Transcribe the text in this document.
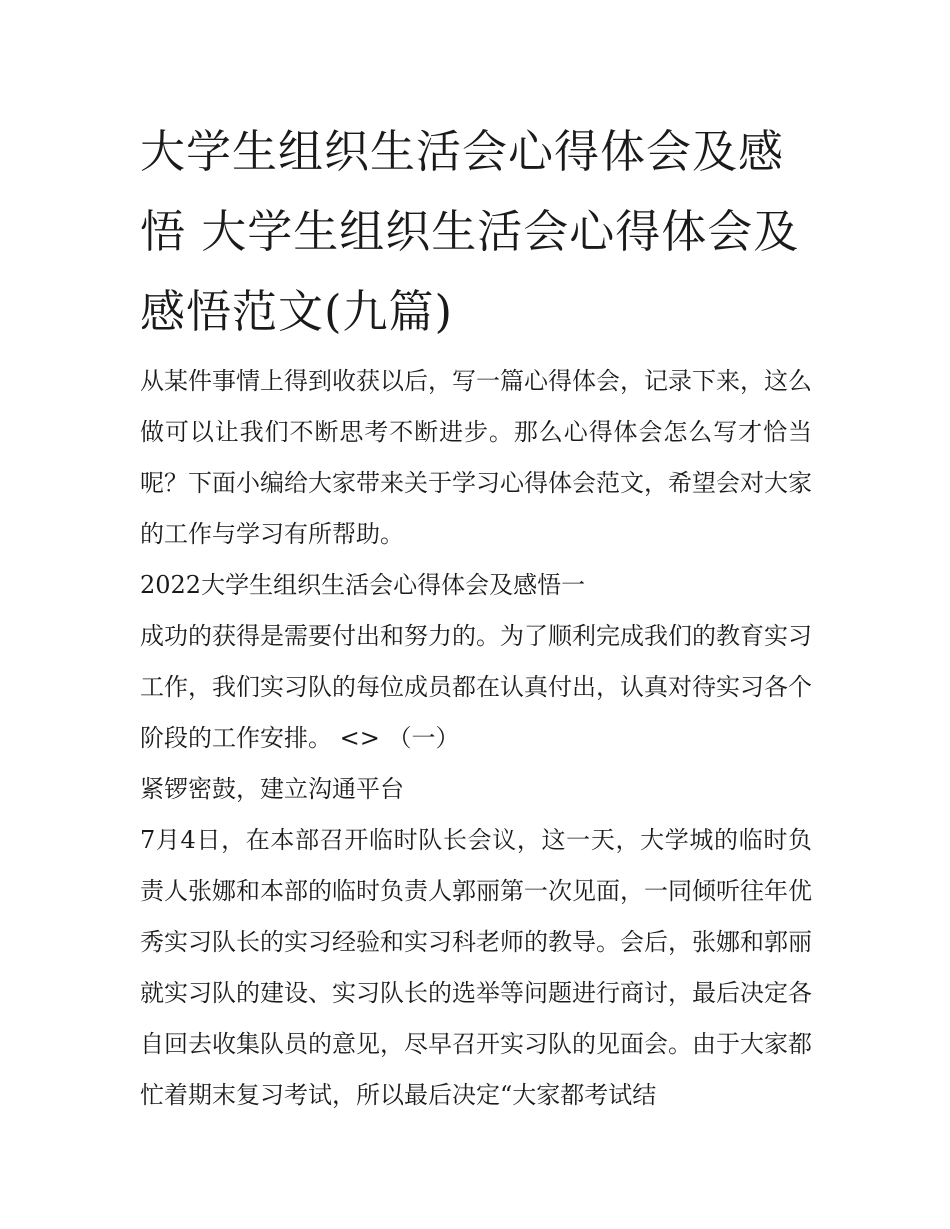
大学生组织生活会心得体会及感悟 大学生组织生活会心得体会及感悟范文(九篇)

从某件事情上得到收获以后，写一篇心得体会，记录下来，这么做可以让我们不断思考不断进步。那么心得体会怎么写才恰当呢？下面小编给大家带来关于学习心得体会范文，希望会对大家的工作与学习有所帮助。

2022大学生组织生活会心得体会及感悟一

成功的获得是需要付出和努力的。为了顺利完成我们的教育实习工作，我们实习队的每位成员都在认真付出，认真对待实习各个阶段的工作安排。 <> （一）

紧锣密鼓，建立沟通平台

7月4日，在本部召开临时队长会议，这一天，大学城的临时负责人张娜和本部的临时负责人郭丽第一次见面，一同倾听往年优秀实习队长的实习经验和实习科老师的教导。会后，张娜和郭丽就实习队的建设、实习队长的选举等问题进行商讨，最后决定各自回去收集队员的意见，尽早召开实习队的见面会。由于大家都忙着期末复习考试，所以最后决定“大家都考试结
